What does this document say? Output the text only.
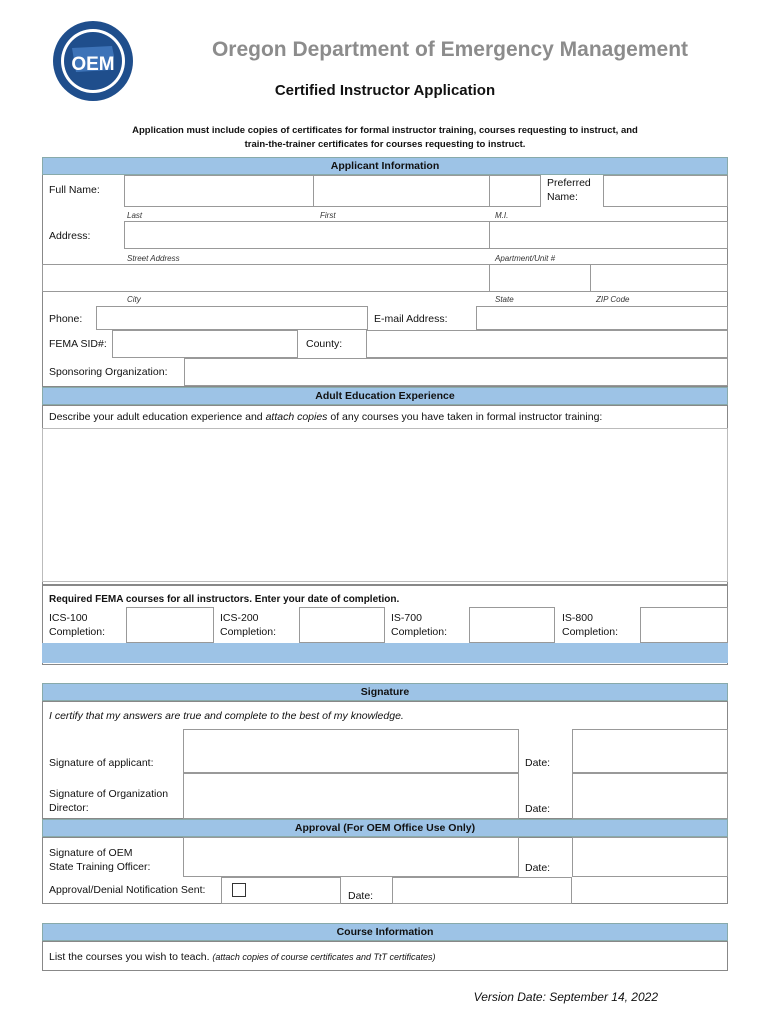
OEM
Oregon Department of Emergency Management
Certified Instructor Application
Application must include copies of certificates for formal instructor training, courses requesting to instruct, and
train-the-trainer certificates for courses requesting to instruct.
Applicant Information
Full Name:
Preferred
Name:
Last	First	M.I.
Address:
Street Address	Apartment/Unit #
City	State	ZIP Code
Phone:	E-mail Address:
FEMA SID#:	County:
Sponsoring Organization:
Adult Education Experience
Describe your adult education experience and attach copies of any courses you have taken in formal instructor training:
Required FEMA courses for all instructors. Enter your date of completion.
ICS-100
Completion:
ICS-200
Completion:
IS-700
Completion:
IS-800
Completion:
Signature
I certify that my answers are true and complete to the best of my knowledge.
Signature of applicant:	Date:
Signature of Organization
Director:	Date:
Approval (For OEM Office Use Only)
Signature of OEM
State Training Officer:	Date:
Approval/Denial Notification Sent:	Date:
Course Information
List the courses you wish to teach. (attach copies of course certificates and TtT certificates)
Version Date: September 14, 2022
